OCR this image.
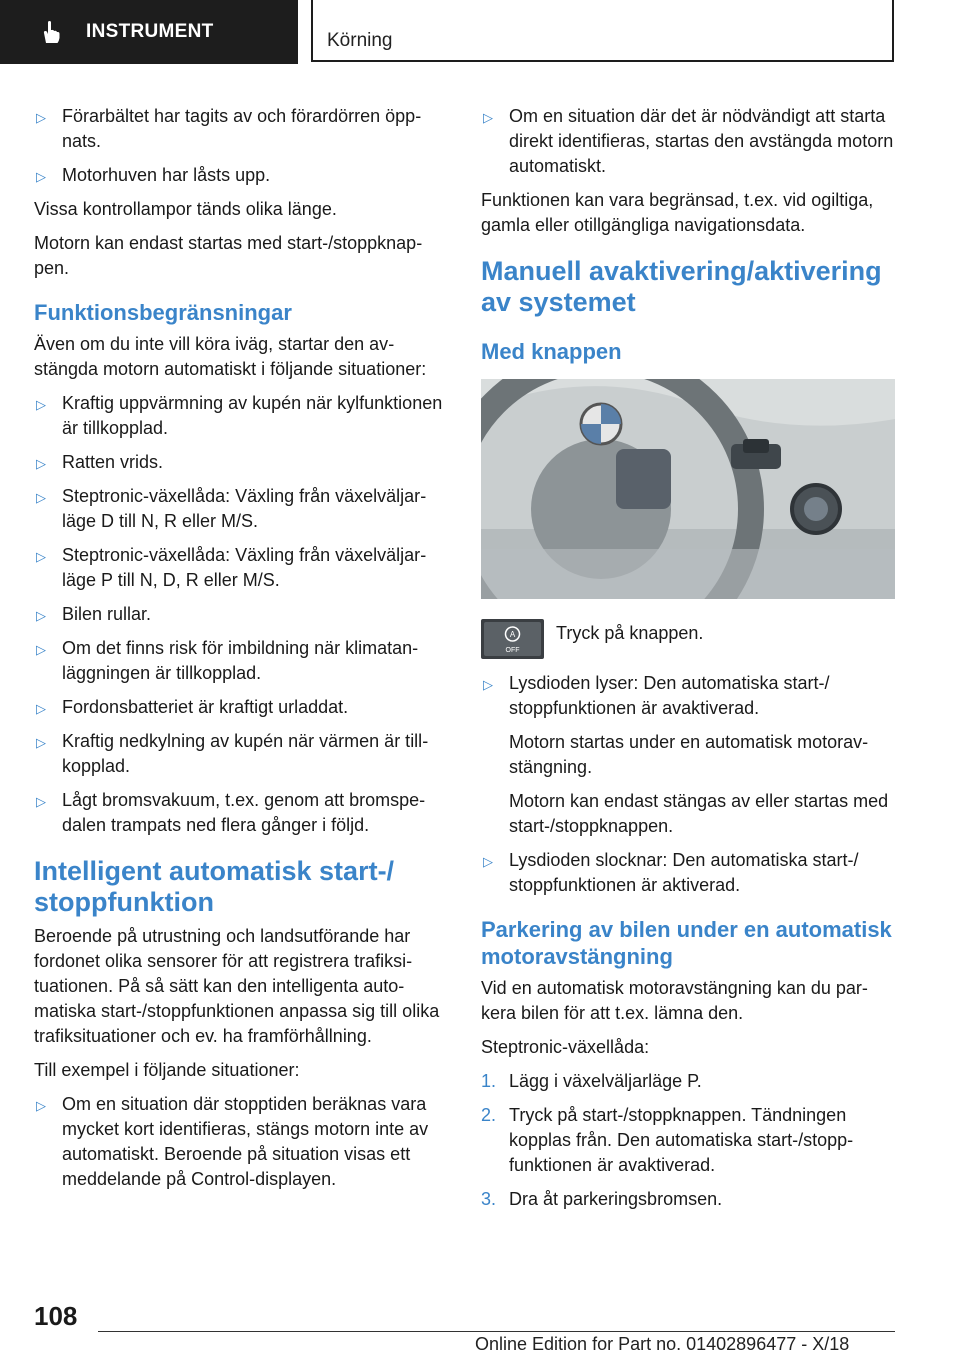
INSTRUMENT	Körning
▷ Förarbältet har tagits av och förardörren öppnats.
▷ Motorhuven har låsts upp.

Vissa kontrollampor tänds olika länge.

Motorn kan endast startas med start-/stoppknappen.

Funktionsbegränsningar

Även om du inte vill köra iväg, startar den avstängda motorn automatiskt i följande situationer:

▷ Kraftig uppvärmning av kupén när kylfunktionen är tillkopplad.
▷ Ratten vrids.
▷ Steptronic-växellåda: Växling från växelväljarläge D till N, R eller M/S.
▷ Steptronic-växellåda: Växling från växelväljarläge P till N, D, R eller M/S.
▷ Bilen rullar.
▷ Om det finns risk för imbildning när klimatanläggningen är tillkopplad.
▷ Fordonsbatteriet är kraftigt urladdat.
▷ Kraftig nedkylning av kupén när värmen är tillkopplad.
▷ Lågt bromsvakuum, t.ex. genom att bromspedalen trampats ned flera gånger i följd.
Intelligent automatisk start-/ stoppfunktion

Beroende på utrustning och landsutförande har fordonet olika sensorer för att registrera trafiksituationen. På så sätt kan den intelligenta automatiska start-/stoppfunktionen anpassa sig till olika trafiksituationer och ev. ha framförhållning.

Till exempel i följande situationer:

▷ Om en situation där stopptiden beräknas vara mycket kort identifieras, stängs motorn inte av automatiskt. Beroende på situation visas ett meddelande på Control-displayen.
▷ Om en situation där det är nödvändigt att starta direkt identifieras, startas den avstängda motorn automatiskt.

Funktionen kan vara begränsad, t.ex. vid ogiltiga, gamla eller otillgängliga navigationsdata.

Manuell avaktivering/aktivering av systemet
Med knappen
A
OFF
Tryck på knappen.
▷ Lysdioden lyser: Den automatiska start-/ stoppfunktionen är avaktiverad.
Motorn startas under en automatisk motoravstängning.
Motorn kan endast stängas av eller startas med start-/stoppknappen.
▷ Lysdioden slocknar: Den automatiska start-/ stoppfunktionen är aktiverad.
Parkering av bilen under en automatisk motoravstängning

Vid en automatisk motoravstängning kan du parkera bilen för att t.ex. lämna den.

Steptronic-växellåda:

1. Lägg i växelväljarläge P.
2. Tryck på start-/stoppknappen. Tändningen kopplas från. Den automatiska start-/stoppfunktionen är avaktiverad.
3. Dra åt parkeringsbromsen.
108
Online Edition for Part no. 01402896477 - X/18
